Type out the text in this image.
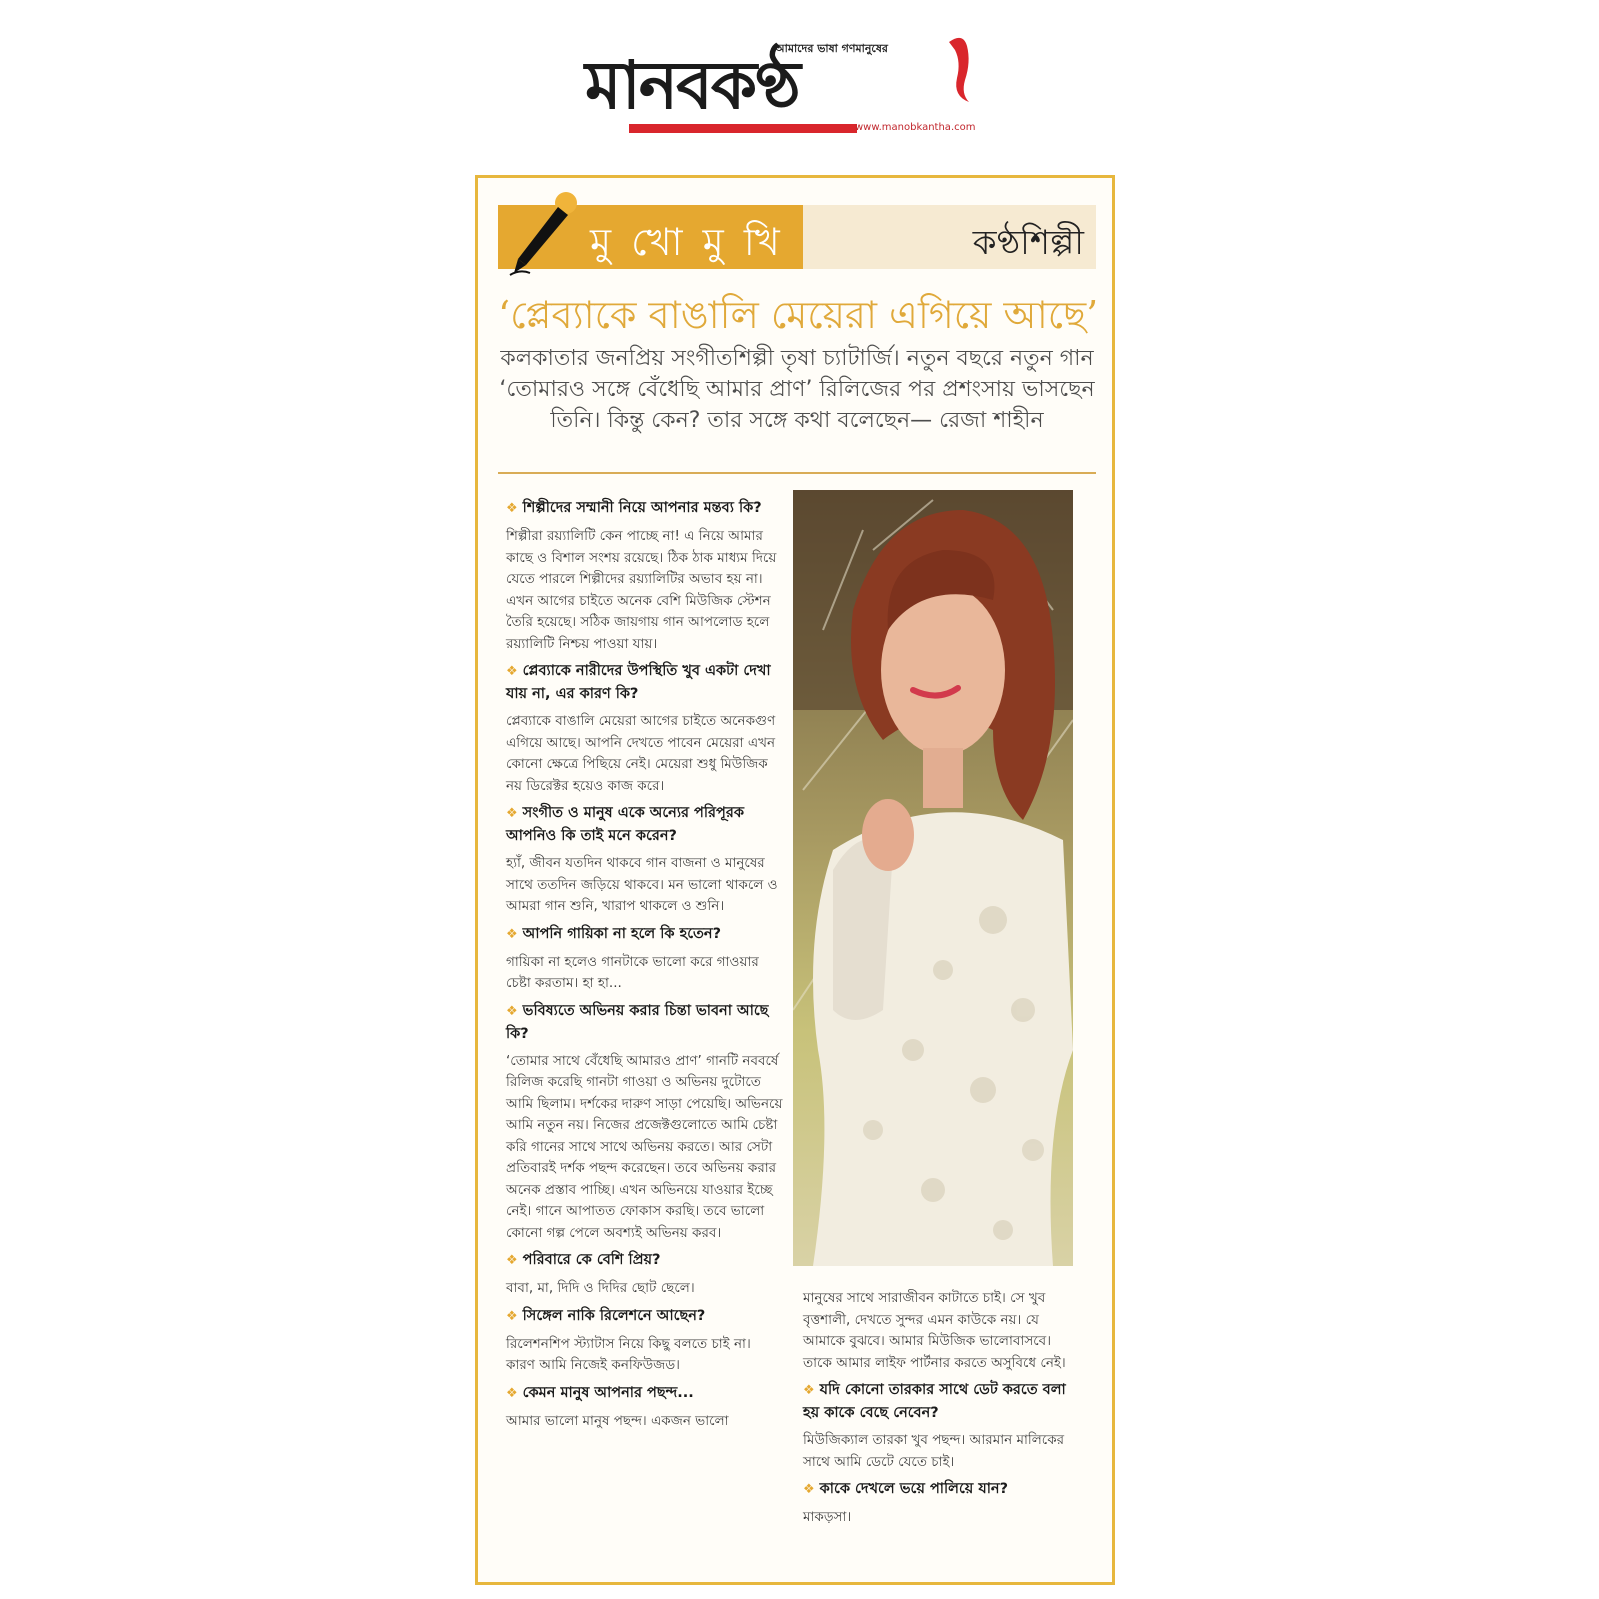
আমাদের ভাষা গণমানুষের
মানবকণ্ঠ
www.manobkantha.com
মু খো মু খি	কণ্ঠশিল্পী
‘প্লেব্যাকে বাঙালি মেয়েরা এগিয়ে আছে’
কলকাতার জনপ্রিয় সংগীতশিল্পী তৃষা চ্যাটার্জি। নতুন বছরে নতুন গান ‘তোমারও সঙ্গে বেঁধেছি আমার প্রাণ’ রিলিজের পর প্রশংসায় ভাসছেন তিনি। কিন্তু কেন? তার সঙ্গে কথা বলেছেন— রেজা শাহীন
❖ শিল্পীদের সম্মানী নিয়ে আপনার মন্তব্য কি?

শিল্পীরা রয়্যালিটি কেন পাচ্ছে না! এ নিয়ে আমার কাছে ও বিশাল সংশয় রয়েছে। ঠিক ঠাক মাধ্যম দিয়ে যেতে পারলে শিল্পীদের রয়্যালিটির অভাব হয় না। এখন আগের চাইতে অনেক বেশি মিউজিক স্টেশন তৈরি হয়েছে। সঠিক জায়গায় গান আপলোড হলে রয়্যালিটি নিশ্চয় পাওয়া যায়।

❖ প্লেব্যাকে নারীদের উপস্থিতি খুব একটা দেখা যায় না, এর কারণ কি?

প্লেব্যাকে বাঙালি মেয়েরা আগের চাইতে অনেকগুণ এগিয়ে আছে। আপনি দেখতে পাবেন মেয়েরা এখন কোনো ক্ষেত্রে পিছিয়ে নেই। মেয়েরা শুধু মিউজিক নয় ডিরেক্টর হয়েও কাজ করে।

❖ সংগীত ও মানুষ একে অন্যের পরিপূরক আপনিও কি তাই মনে করেন?

হ্যাঁ, জীবন যতদিন থাকবে গান বাজনা ও মানুষের সাথে ততদিন জড়িয়ে থাকবে। মন ভালো থাকলে ও আমরা গান শুনি, খারাপ থাকলে ও শুনি।

❖ আপনি গায়িকা না হলে কি হতেন?

গায়িকা না হলেও গানটাকে ভালো করে গাওয়ার চেষ্টা করতাম। হা হা...

❖ ভবিষ্যতে অভিনয় করার চিন্তা ভাবনা আছে কি?

‘তোমার সাথে বেঁধেছি আমারও প্রাণ’ গানটি নববর্ষে রিলিজ করেছি গানটা গাওয়া ও অভিনয় দুটোতে আমি ছিলাম। দর্শকের দারুণ সাড়া পেয়েছি। অভিনয়ে আমি নতুন নয়। নিজের প্রজেক্টগুলোতে আমি চেষ্টা করি গানের সাথে সাথে অভিনয় করতে। আর সেটা প্রতিবারই দর্শক পছন্দ করেছেন। তবে অভিনয় করার অনেক প্রস্তাব পাচ্ছি। এখন অভিনয়ে যাওয়ার ইচ্ছে নেই। গানে আপাতত ফোকাস করছি। তবে ভালো কোনো গল্প পেলে অবশ্যই অভিনয় করব।

❖ পরিবারে কে বেশি প্রিয়?

বাবা, মা, দিদি ও দিদির ছোট ছেলে।

❖ সিঙ্গেল নাকি রিলেশনে আছেন?

রিলেশনশিপ স্ট্যাটাস নিয়ে কিছু বলতে চাই না। কারণ আমি নিজেই কনফিউজড।

❖ কেমন মানুষ আপনার পছন্দ...

আমার ভালো মানুষ পছন্দ। একজন ভালো

মানুষের সাথে সারাজীবন কাটাতে চাই। সে খুব বৃত্তশালী, দেখতে সুন্দর এমন কাউকে নয়। যে আমাকে বুঝবে। আমার মিউজিক ভালোবাসবে। তাকে আমার লাইফ পার্টনার করতে অসুবিধে নেই।

❖ যদি কোনো তারকার সাথে ডেট করতে বলা হয় কাকে বেছে নেবেন?

মিউজিক্যাল তারকা খুব পছন্দ। আরমান মালিকের সাথে আমি ডেটে যেতে চাই।

❖ কাকে দেখলে ভয়ে পালিয়ে যান?

মাকড়সা।
